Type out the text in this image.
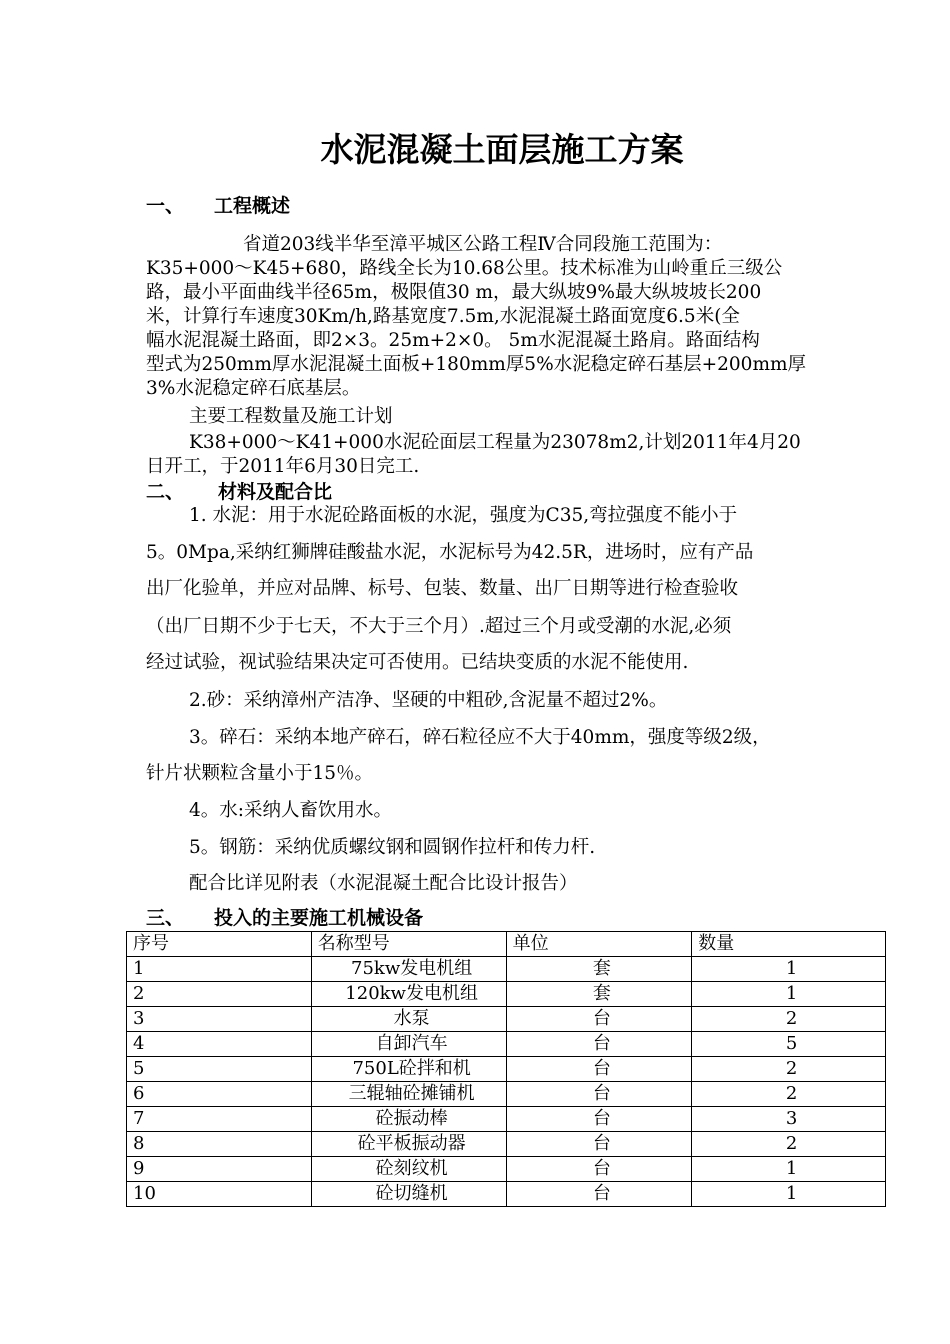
水泥混凝土面层施工方案
一、 工程概述
省道203线半华至漳平城区公路工程Ⅳ合同段施工范围为：
K35+000～K45+680，路线全长为10.68公里。技术标准为山岭重丘三级公
路，最小平面曲线半径65m，极限值30 m，最大纵坡9%最大纵坡坡长200
米，计算行车速度30Km/h,路基宽度7.5m,水泥混凝土路面宽度6.5米(全
幅水泥混凝土路面，即2×3。25m+2×0。 5m水泥混凝土路肩。路面结构
型式为250mm厚水泥混凝土面板+180mm厚5%水泥稳定碎石基层+200mm厚
3%水泥稳定碎石底基层。
主要工程数量及施工计划
K38+000～K41+000水泥砼面层工程量为23078m2,计划2011年4月20
日开工，于2011年6月30日完工.
二、 材料及配合比
1. 水泥：用于水泥砼路面板的水泥，强度为C35,弯拉强度不能小于
5。0Mpa,采纳红狮牌硅酸盐水泥，水泥标号为42.5R，进场时，应有产品
出厂化验单，并应对品牌、标号、包装、数量、出厂日期等进行检查验收
（出厂日期不少于七天，不大于三个月）.超过三个月或受潮的水泥,必须
经过试验，视试验结果决定可否使用。已结块变质的水泥不能使用.
2.砂：采纳漳州产洁净、坚硬的中粗砂,含泥量不超过2%。
3。碎石：采纳本地产碎石，碎石粒径应不大于40mm，强度等级2级，
针片状颗粒含量小于15％。
4。水:采纳人畜饮用水。
5。钢筋：采纳优质螺纹钢和圆钢作拉杆和传力杆.
配合比详见附表（水泥混凝土配合比设计报告）
三、 投入的主要施工机械设备
序号	名称型号	单位	数量
1	75kw发电机组	套	1
2	120kw发电机组	套	1
3	水泵	台	2
4	自卸汽车	台	5
5	750L砼拌和机	台	2
6	三辊轴砼摊铺机	台	2
7	砼振动棒	台	3
8	砼平板振动器	台	2
9	砼刻纹机	台	1
10	砼切缝机	台	1
